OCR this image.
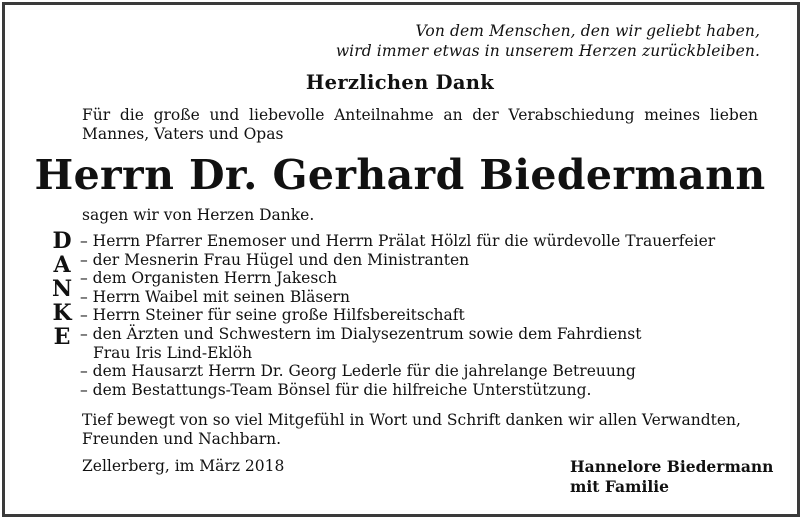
Von dem Menschen, den wir geliebt haben,
wird immer etwas in unserem Herzen zurückbleiben.
Herzlichen Dank
Für die große und liebevolle Anteilnahme an der Verabschiedung meines lieben Mannes, Vaters und Opas
Herrn Dr. Gerhard Biedermann
sagen wir von Herzen Danke.
D
A
N
K
E
– Herrn Pfarrer Enemoser und Herrn Prälat Hölzl für die würdevolle Trauerfeier
– der Mesnerin Frau Hügel und den Ministranten
– dem Organisten Herrn Jakesch
– Herrn Waibel mit seinen Bläsern
– Herrn Steiner für seine große Hilfsbereitschaft
– den Ärzten und Schwestern im Dialysezentrum sowie dem Fahrdienst
Frau Iris Lind-Eklöh
– dem Hausarzt Herrn Dr. Georg Lederle für die jahrelange Betreuung
– dem Bestattungs-Team Bönsel für die hilfreiche Unterstützung.
Tief bewegt von so viel Mitgefühl in Wort und Schrift danken wir allen Verwandten, Freunden und Nachbarn.
Zellerberg, im März 2018	Hannelore Biedermann
mit Familie
